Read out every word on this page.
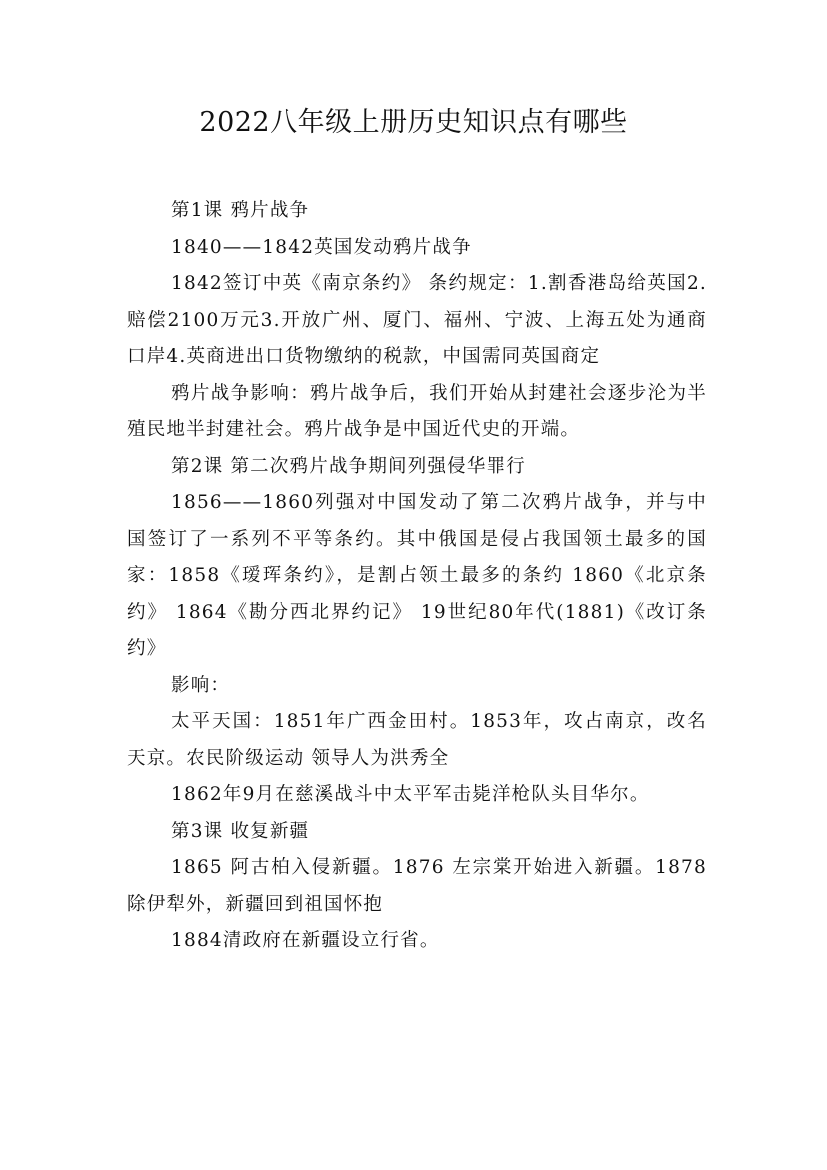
2022八年级上册历史知识点有哪些

第1课 鸦片战争

1840——1842英国发动鸦片战争

1842签订中英《南京条约》 条约规定：1.割香港岛给英国2.赔偿2100万元3.开放广州、厦门、福州、宁波、上海五处为通商口岸4.英商进出口货物缴纳的税款，中国需同英国商定

鸦片战争影响：鸦片战争后，我们开始从封建社会逐步沦为半殖民地半封建社会。鸦片战争是中国近代史的开端。

第2课 第二次鸦片战争期间列强侵华罪行

1856——1860列强对中国发动了第二次鸦片战争，并与中国签订了一系列不平等条约。其中俄国是侵占我国领土最多的国家：1858《瑷珲条约》，是割占领土最多的条约 1860《北京条约》 1864《勘分西北界约记》 19世纪80年代(1881)《改订条约》

影响：

太平天国：1851年广西金田村。1853年，攻占南京，改名天京。农民阶级运动 领导人为洪秀全

1862年9月在慈溪战斗中太平军击毙洋枪队头目华尔。

第3课 收复新疆

1865 阿古柏入侵新疆。1876 左宗棠开始进入新疆。1878 除伊犁外，新疆回到祖国怀抱

1884清政府在新疆设立行省。
